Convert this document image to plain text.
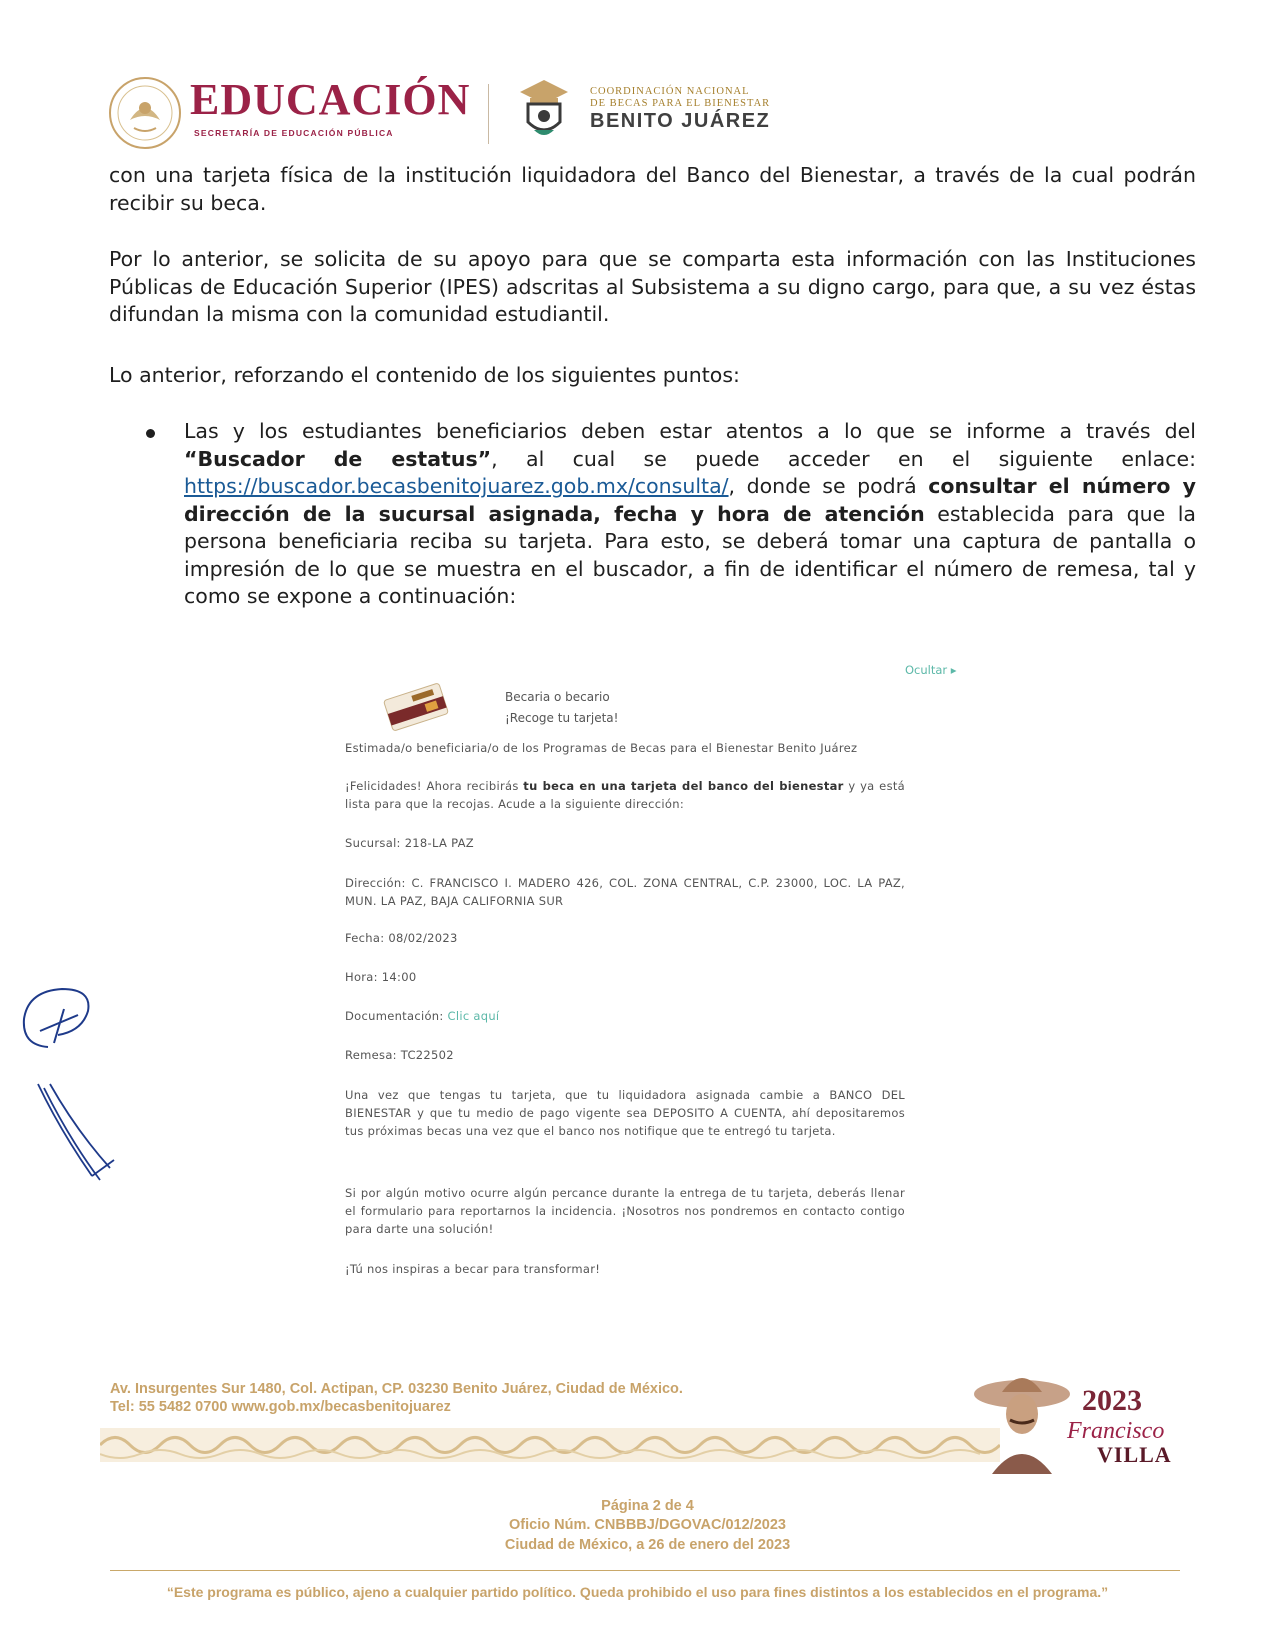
EDUCACIÓN
SECRETARÍA DE EDUCACIÓN PÚBLICA
COORDINACIÓN NACIONAL
DE BECAS PARA EL BIENESTAR
BENITO JUÁREZ

con una tarjeta física de la institución liquidadora del Banco del Bienestar, a través de la cual podrán recibir su beca.

Por lo anterior, se solicita de su apoyo para que se comparta esta información con las Instituciones Públicas de Educación Superior (IPES) adscritas al Subsistema a su digno cargo, para que, a su vez éstas difundan la misma con la comunidad estudiantil.

Lo anterior, reforzando el contenido de los siguientes puntos:

Las y los estudiantes beneficiarios deben estar atentos a lo que se informe a través del “Buscador de estatus”, al cual se puede acceder en el siguiente enlace: https://buscador.becasbenitojuarez.gob.mx/consulta/, donde se podrá consultar el número y dirección de la sucursal asignada, fecha y hora de atención establecida para que la persona beneficiaria reciba su tarjeta. Para esto, se deberá tomar una captura de pantalla o impresión de lo que se muestra en el buscador, a fin de identificar el número de remesa, tal y como se expone a continuación:

Ocultar ▸
Becaria o becario
¡Recoge tu tarjeta!

Estimada/o beneficiaria/o de los Programas de Becas para el Bienestar Benito Juárez

¡Felicidades! Ahora recibirás tu beca en una tarjeta del banco del bienestar y ya está lista para que la recojas. Acude a la siguiente dirección:

Sucursal: 218-LA PAZ

Dirección: C. FRANCISCO I. MADERO 426, COL. ZONA CENTRAL, C.P. 23000, LOC. LA PAZ, MUN. LA PAZ, BAJA CALIFORNIA SUR

Fecha: 08/02/2023

Hora: 14:00

Documentación: Clic aquí

Remesa: TC22502

Una vez que tengas tu tarjeta, que tu liquidadora asignada cambie a BANCO DEL BIENESTAR y que tu medio de pago vigente sea DEPOSITO A CUENTA, ahí depositaremos tus próximas becas una vez que el banco nos notifique que te entregó tu tarjeta.

Si por algún motivo ocurre algún percance durante la entrega de tu tarjeta, deberás llenar el formulario para reportarnos la incidencia. ¡Nosotros nos pondremos en contacto contigo para darte una solución!

¡Tú nos inspiras a becar para transformar!

Av. Insurgentes Sur 1480, Col. Actipan, CP. 03230 Benito Juárez, Ciudad de México.
Tel: 55 5482 0700 www.gob.mx/becasbenitojuarez	2023
Francisco
VILLA
Página 2 de 4
Oficio Núm. CNBBBJ/DGOVAC/012/2023
Ciudad de México, a 26 de enero del 2023
“Este programa es público, ajeno a cualquier partido político. Queda prohibido el uso para fines distintos a los establecidos en el programa.”
